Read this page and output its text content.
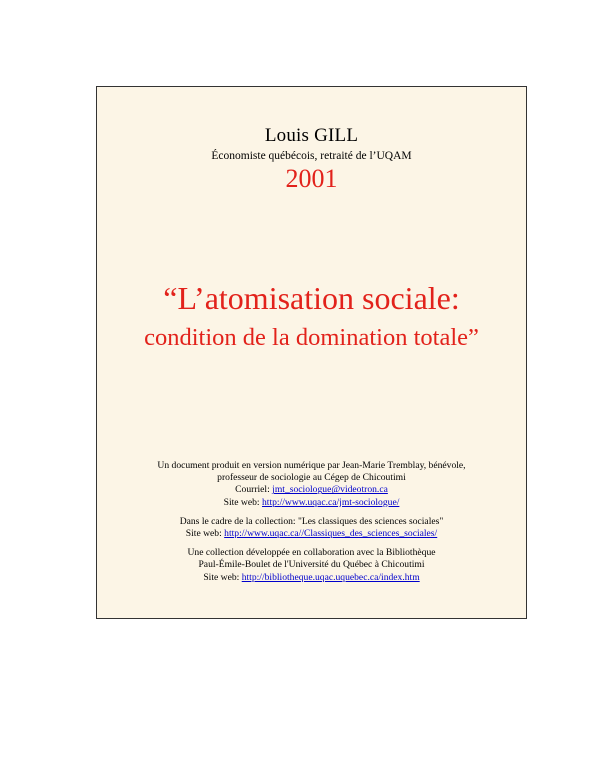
Louis GILL
Économiste québécois, retraité de l’UQAM
2001
“L’atomisation sociale:
condition de la domination totale”

Un document produit en version numérique par Jean-Marie Tremblay, bénévole,
professeur de sociologie au Cégep de Chicoutimi
Courriel: jmt_sociologue@videotron.ca
Site web: http://www.uqac.ca/jmt-sociologue/

Dans le cadre de la collection: "Les classiques des sciences sociales"
Site web: http://www.uqac.ca//Classiques_des_sciences_sociales/

Une collection développée en collaboration avec la Bibliothèque
Paul-Émile-Boulet de l'Université du Québec à Chicoutimi
Site web: http://bibliotheque.uqac.uquebec.ca/index.htm
